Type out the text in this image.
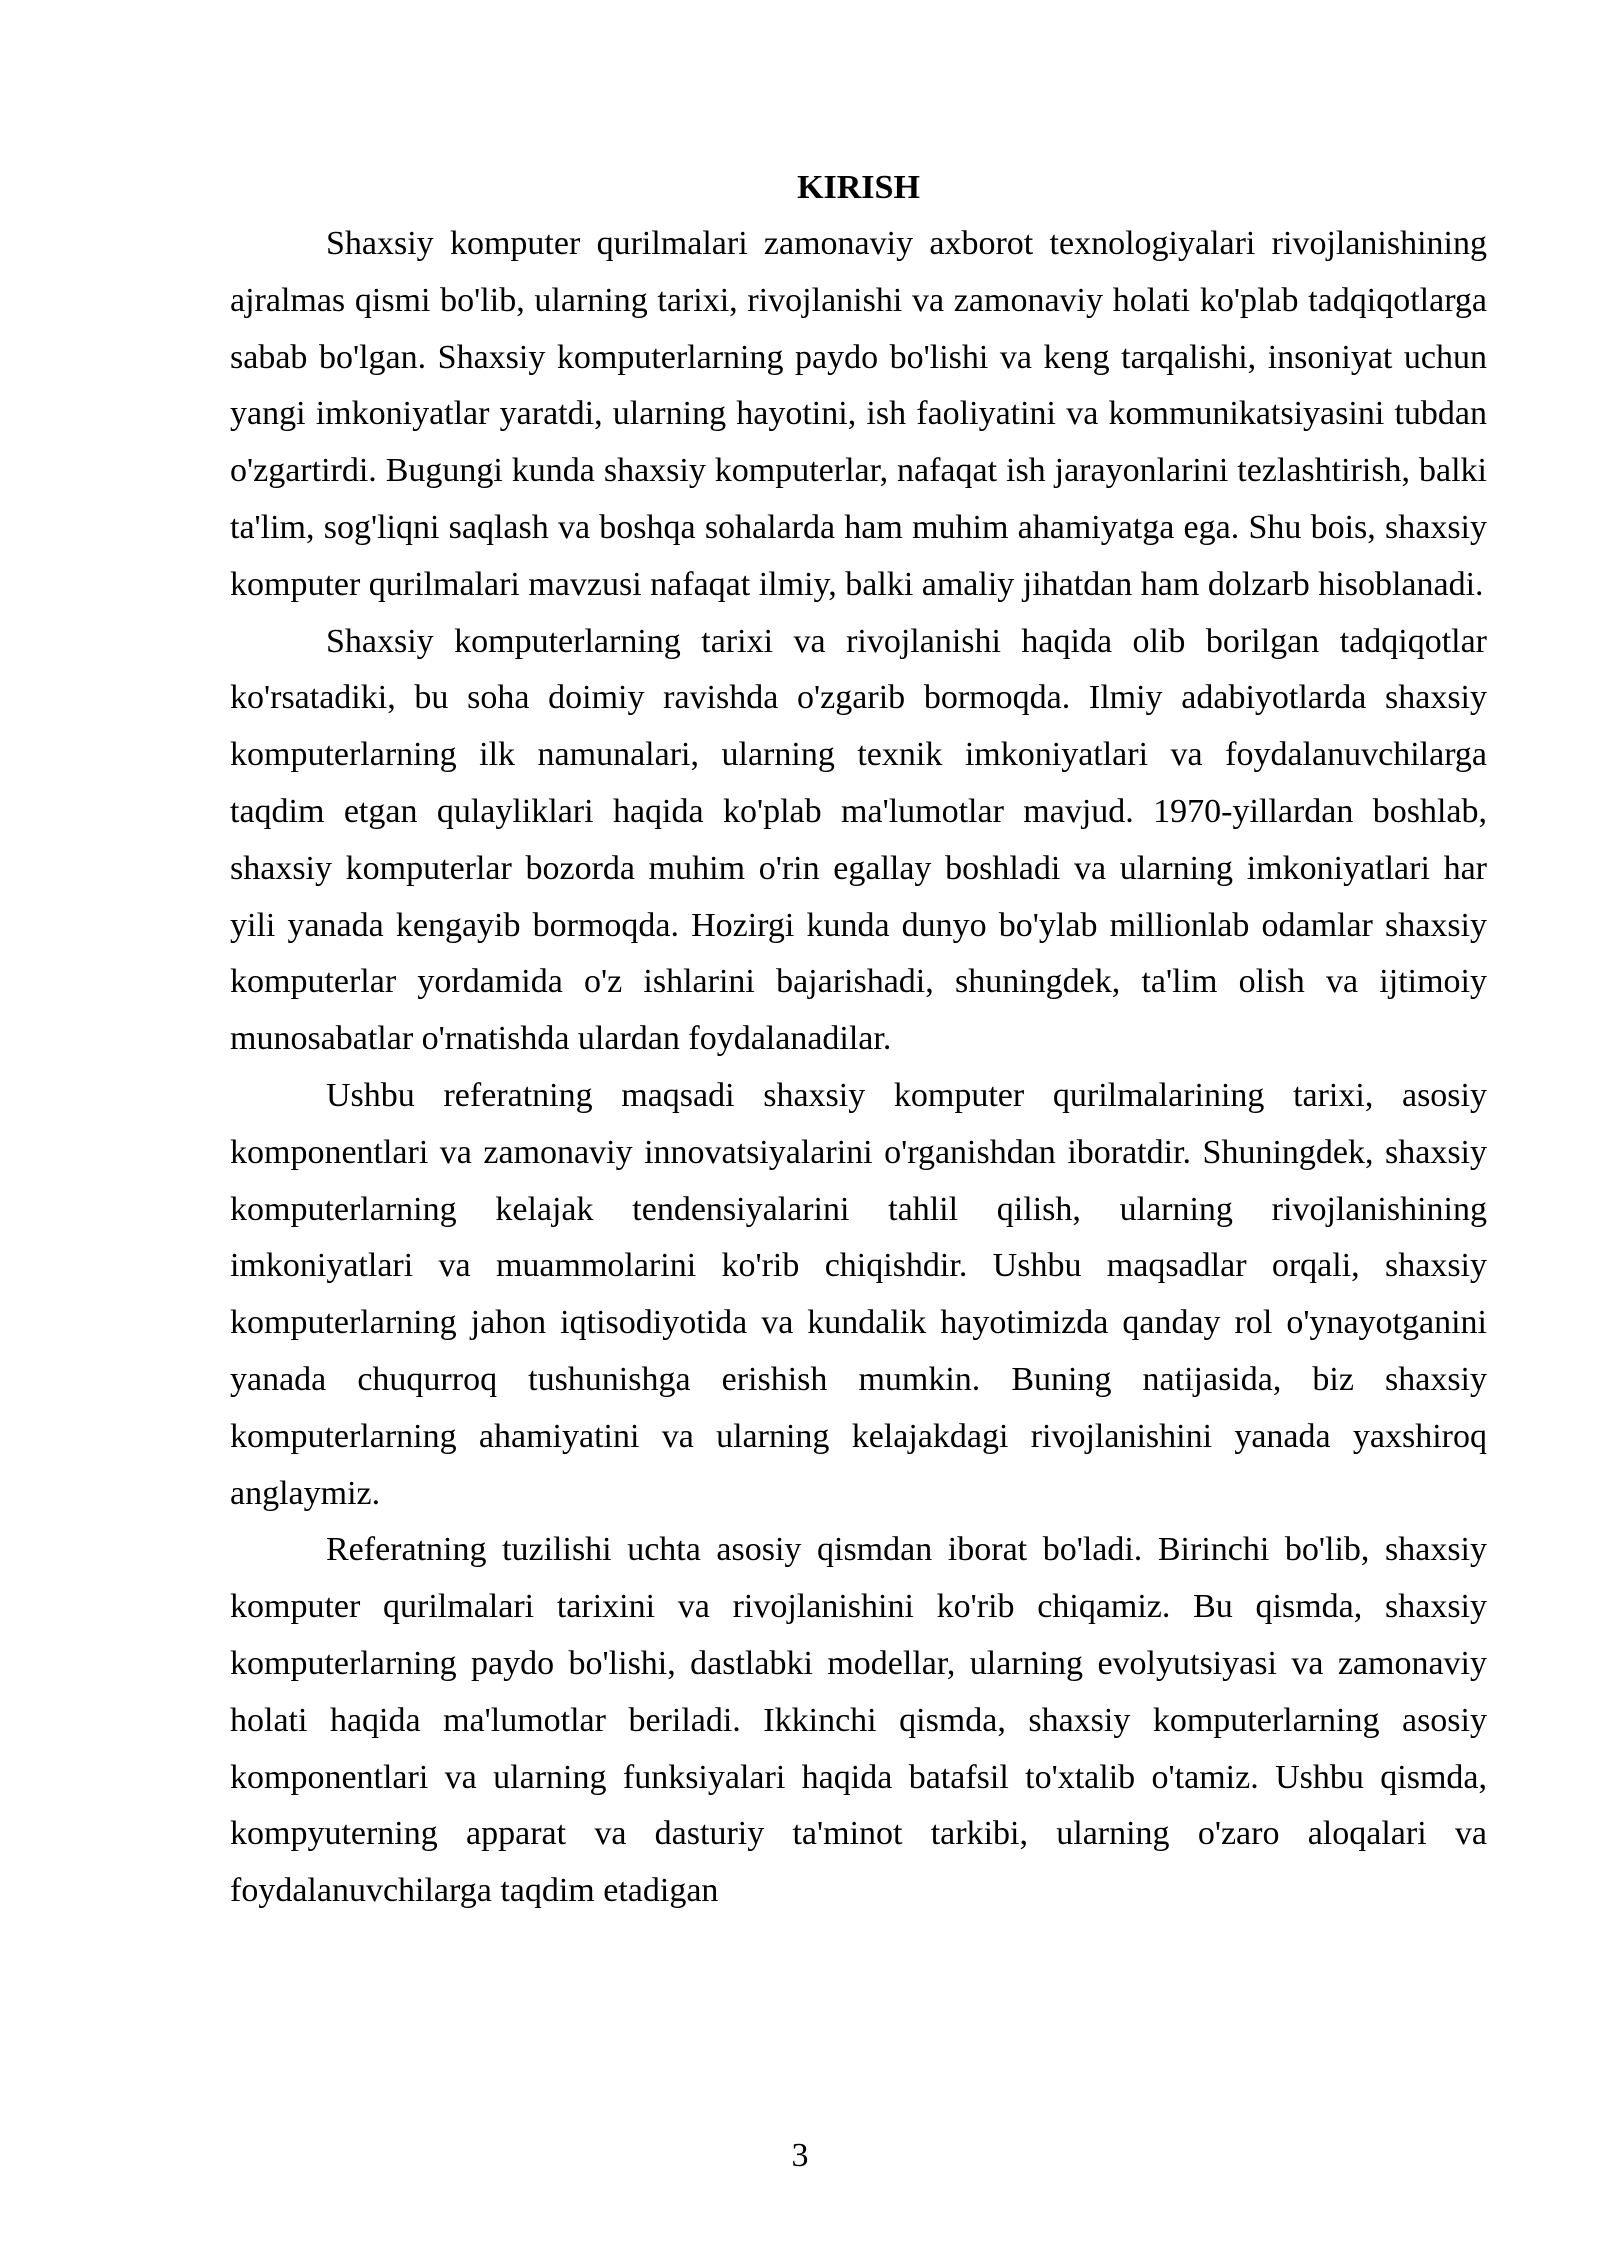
KIRISH

Shaxsiy komputer qurilmalari zamonaviy axborot texnologiyalari rivojlanishining ajralmas qismi bo'lib, ularning tarixi, rivojlanishi va zamonaviy holati ko'plab tadqiqotlarga sabab bo'lgan. Shaxsiy komputerlarning paydo bo'lishi va keng tarqalishi, insoniyat uchun yangi imkoniyatlar yaratdi, ularning hayotini, ish faoliyatini va kommunikatsiyasini tubdan o'zgartirdi. Bugungi kunda shaxsiy komputerlar, nafaqat ish jarayonlarini tezlashtirish, balki ta'lim, sog'liqni saqlash va boshqa sohalarda ham muhim ahamiyatga ega. Shu bois, shaxsiy komputer qurilmalari mavzusi nafaqat ilmiy, balki amaliy jihatdan ham dolzarb hisoblanadi.

Shaxsiy komputerlarning tarixi va rivojlanishi haqida olib borilgan tadqiqotlar ko'rsatadiki, bu soha doimiy ravishda o'zgarib bormoqda. Ilmiy adabiyotlarda shaxsiy komputerlarning ilk namunalari, ularning texnik imkoniyatlari va foydalanuvchilarga taqdim etgan qulayliklari haqida ko'plab ma'lumotlar mavjud. 1970-yillardan boshlab, shaxsiy komputerlar bozorda muhim o'rin egallay boshladi va ularning imkoniyatlari har yili yanada kengayib bormoqda. Hozirgi kunda dunyo bo'ylab millionlab odamlar shaxsiy komputerlar yordamida o'z ishlarini bajarishadi, shuningdek, ta'lim olish va ijtimoiy munosabatlar o'rnatishda ulardan foydalanadilar.

Ushbu referatning maqsadi shaxsiy komputer qurilmalarining tarixi, asosiy komponentlari va zamonaviy innovatsiyalarini o'rganishdan iboratdir. Shuningdek, shaxsiy komputerlarning kelajak tendensiyalarini tahlil qilish, ularning rivojlanishining imkoniyatlari va muammolarini ko'rib chiqishdir. Ushbu maqsadlar orqali, shaxsiy komputerlarning jahon iqtisodiyotida va kundalik hayotimizda qanday rol o'ynayotganini yanada chuqurroq tushunishga erishish mumkin. Buning natijasida, biz shaxsiy komputerlarning ahamiyatini va ularning kelajakdagi rivojlanishini yanada yaxshiroq anglaymiz.

Referatning tuzilishi uchta asosiy qismdan iborat bo'ladi. Birinchi bo'lib, shaxsiy komputer qurilmalari tarixini va rivojlanishini ko'rib chiqamiz. Bu qismda, shaxsiy komputerlarning paydo bo'lishi, dastlabki modellar, ularning evolyutsiyasi va zamonaviy holati haqida ma'lumotlar beriladi. Ikkinchi qismda, shaxsiy komputerlarning asosiy komponentlari va ularning funksiyalari haqida batafsil to'xtalib o'tamiz. Ushbu qismda, kompyuterning apparat va dasturiy ta'minot tarkibi, ularning o'zaro aloqalari va foydalanuvchilarga taqdim etadigan

3
